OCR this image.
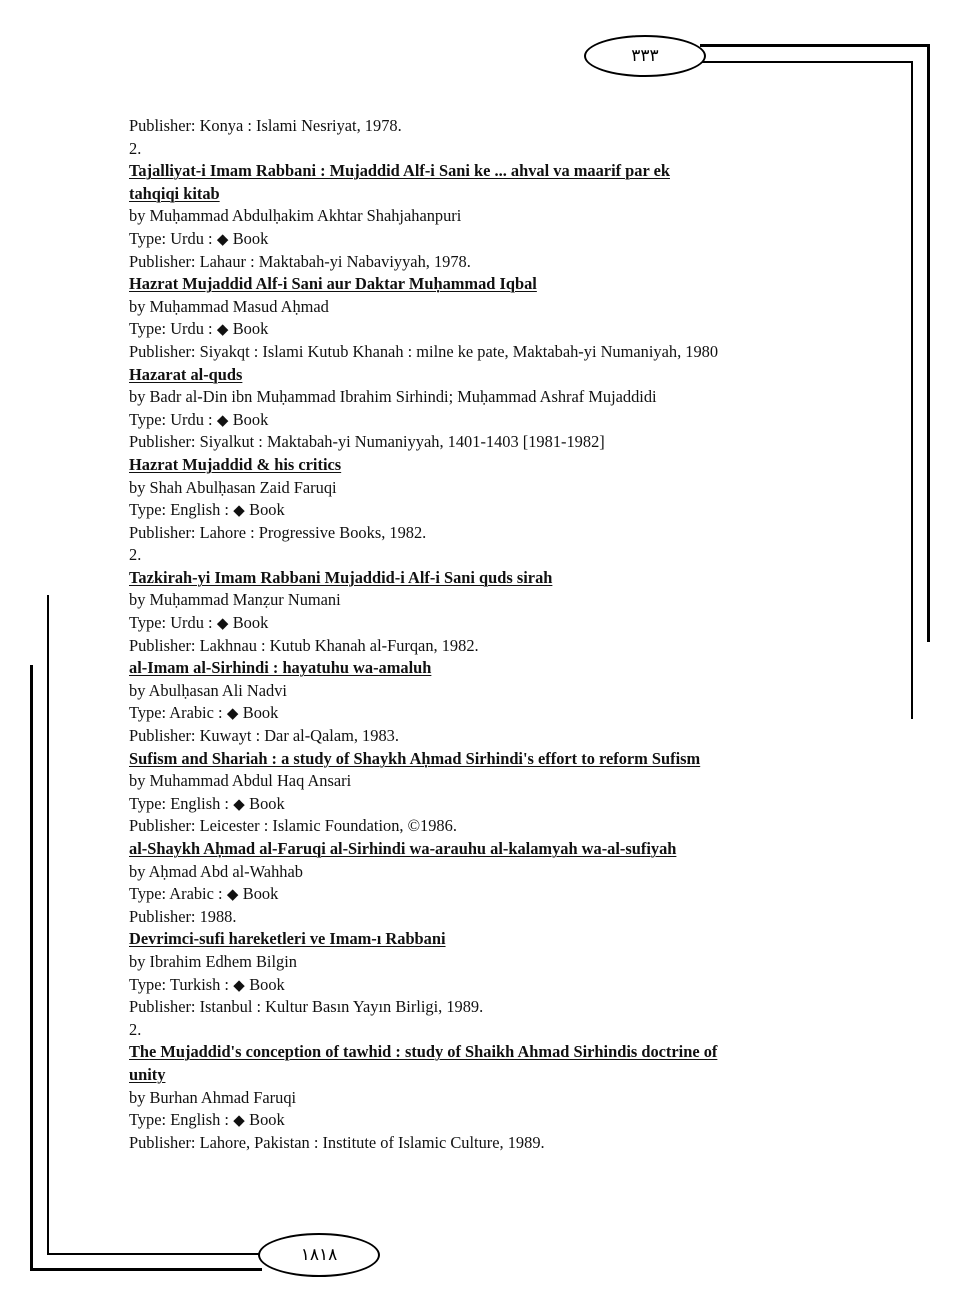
۳۳۳
۱۸۱۸
Publisher: Konya : Islami Nesriyat, 1978.
2.
Tajalliyat-i Imam Rabbani : Mujaddid Alf-i Sani ke ... ahval va maarif par ek
tahqiqi kitab
by Muḥammad Abdulḥakim Akhtar Shahjahanpuri
Type: Urdu : ◆ Book
Publisher: Lahaur : Maktabah-yi Nabaviyyah, 1978.
Hazrat Mujaddid Alf-i Sani aur Daktar Muḥammad Iqbal
by Muḥammad Masud Aḥmad
Type: Urdu : ◆ Book
Publisher: Siyakqt : Islami Kutub Khanah : milne ke pate, Maktabah-yi Numaniyah, 1980
Hazarat al-quds
by Badr al-Din ibn Muḥammad Ibrahim Sirhindi; Muḥammad Ashraf Mujaddidi
Type: Urdu : ◆ Book
Publisher: Siyalkut : Maktabah-yi Numaniyyah, 1401-1403 [1981-1982]
Hazrat Mujaddid & his critics
by Shah Abulḥasan Zaid Faruqi
Type: English : ◆ Book
Publisher: Lahore : Progressive Books, 1982.
2.
Tazkirah-yi Imam Rabbani Mujaddid-i Alf-i Sani quds sirah
by Muḥammad Manẓur Numani
Type: Urdu : ◆ Book
Publisher: Lakhnau : Kutub Khanah al-Furqan, 1982.
al-Imam al-Sirhindi : hayatuhu wa-amaluh
by Abulḥasan Ali Nadvi
Type: Arabic : ◆ Book
Publisher: Kuwayt : Dar al-Qalam, 1983.
Sufism and Shariah : a study of Shaykh Aḥmad Sirhindi's effort to reform Sufism
by Muhammad Abdul Haq Ansari
Type: English : ◆ Book
Publisher: Leicester : Islamic Foundation, ©1986.
al-Shaykh Aḥmad al-Faruqi al-Sirhindi wa-arauhu al-kalamyah wa-al-sufiyah
by Aḥmad Abd al-Wahhab
Type: Arabic : ◆ Book
Publisher: 1988.
Devrimci-sufi hareketleri ve Imam-ı Rabbani
by Ibrahim Edhem Bilgin
Type: Turkish : ◆ Book
Publisher: Istanbul : Kultur Basın Yayın Birligi, 1989.
2.
The Mujaddid's conception of tawhid : study of Shaikh Ahmad Sirhindis doctrine of
unity
by Burhan Ahmad Faruqi
Type: English : ◆ Book
Publisher: Lahore, Pakistan : Institute of Islamic Culture, 1989.
